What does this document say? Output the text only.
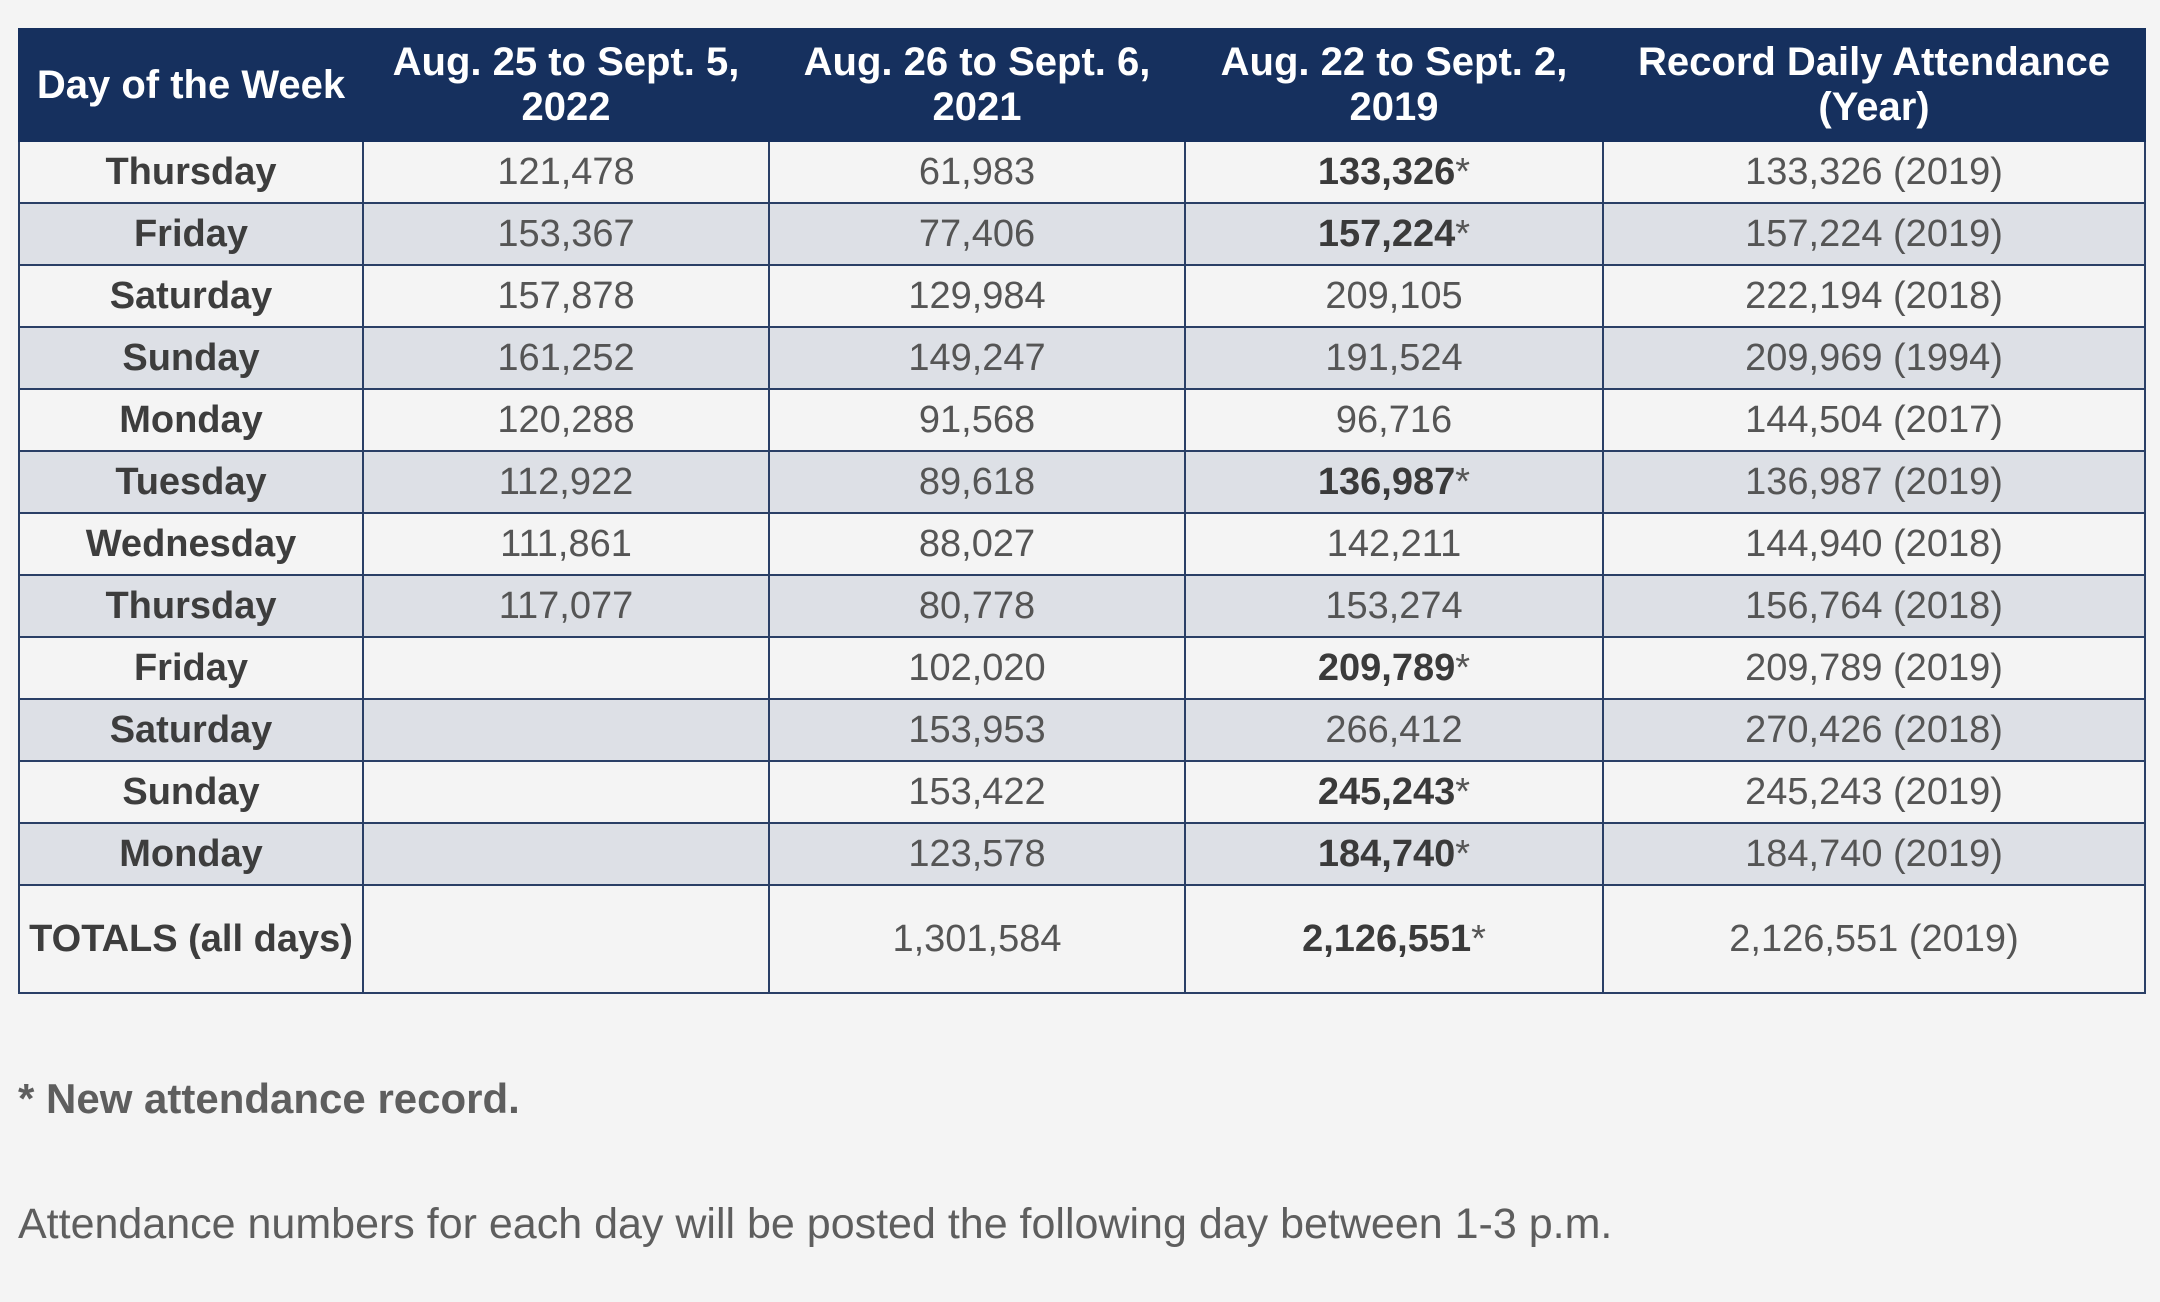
Day of the Week	Aug. 25 to Sept. 5, 2022	Aug. 26 to Sept. 6, 2021	Aug. 22 to Sept. 2, 2019	Record Daily Attendance (Year)
Thursday	121,478	61,983	133,326*	133,326 (2019)
Friday	153,367	77,406	157,224*	157,224 (2019)
Saturday	157,878	129,984	209,105	222,194 (2018)
Sunday	161,252	149,247	191,524	209,969 (1994)
Monday	120,288	91,568	96,716	144,504 (2017)
Tuesday	112,922	89,618	136,987*	136,987 (2019)
Wednesday	111,861	88,027	142,211	144,940 (2018)
Thursday	117,077	80,778	153,274	156,764 (2018)
Friday		102,020	209,789*	209,789 (2019)
Saturday		153,953	266,412	270,426 (2018)
Sunday		153,422	245,243*	245,243 (2019)
Monday		123,578	184,740*	184,740 (2019)
TOTALS (all days)		1,301,584	2,126,551*	2,126,551 (2019)
* New attendance record.
Attendance numbers for each day will be posted the following day between 1-3 p.m.
